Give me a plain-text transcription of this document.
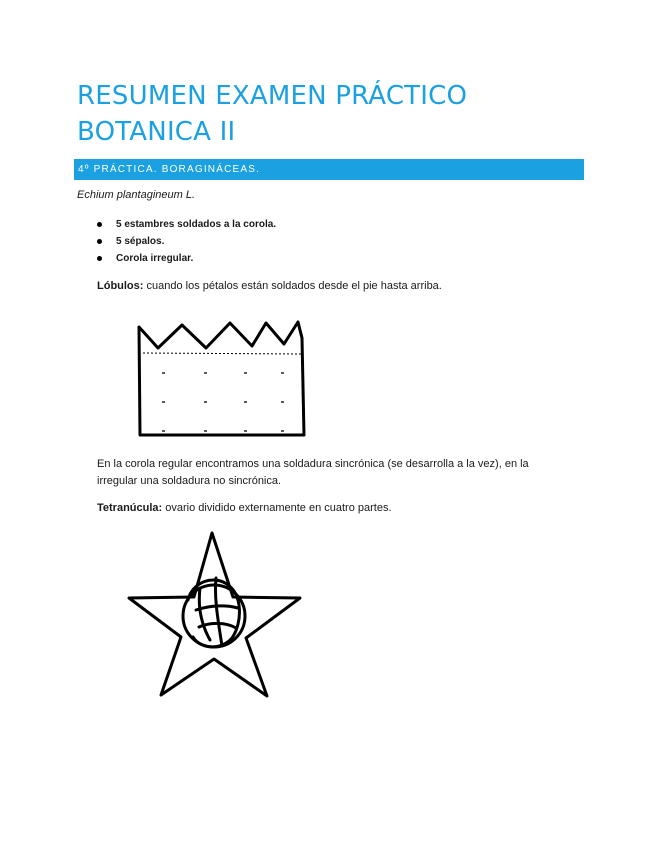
RESUMEN EXAMEN PRÁCTICO
BOTANICA II
4º PRÁCTICA. BORAGINÁCEAS.
Echium plantagineum L.
5 estambres soldados a la corola.
5 sépalos.
Corola irregular.
Lóbulos: cuando los pétalos están soldados desde el pie hasta arriba.
En la corola regular encontramos una soldadura sincrónica (se desarrolla a la vez), en la
irregular una soldadura no sincrónica.
Tetranúcula: ovario dividido externamente en cuatro partes.
